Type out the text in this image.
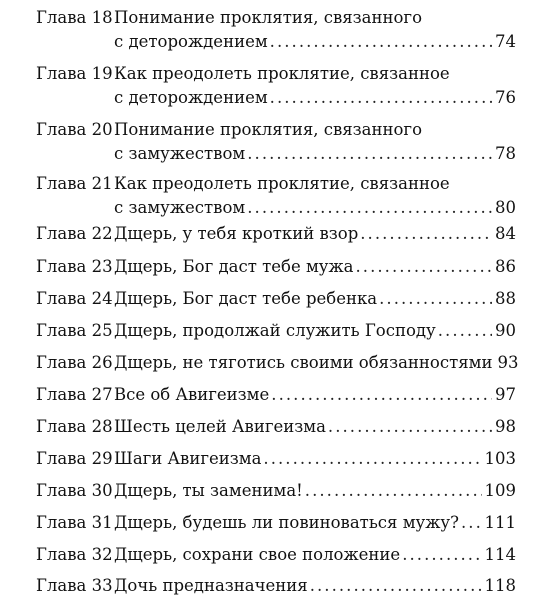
Глава 18 Понимание проклятия, связанного
с деторождением . . .	74
Глава 19 Как преодолеть проклятие, связанное
с деторождением . . .	76
Глава 20 Понимание проклятия, связанного
с замужеством . . .	78
Глава 21 Как преодолеть проклятие, связанное
с замужеством . . .	80
Глава 22 Дщерь, у тебя кроткий взор . . .	84
Глава 23 Дщерь, Бог даст тебе мужа . . .	86
Глава 24 Дщерь, Бог даст тебе ребенка . . .	88
Глава 25 Дщерь, продолжай служить Господу . . .	90
Глава 26 Дщерь, не тяготись своими обязанностями 93
Глава 27 Все об Авигеизме . . .	97
Глава 28 Шесть целей Авигеизма . . .	98
Глава 29 Шаги Авигеизма . . .	103
Глава 30 Дщерь, ты заменима! . . .	109
Глава 31 Дщерь, будешь ли повиноваться мужу? . . . 111
Глава 32 Дщерь, сохрани свое положение . . .	114
Глава 33 Дочь предназначения . . .	118
